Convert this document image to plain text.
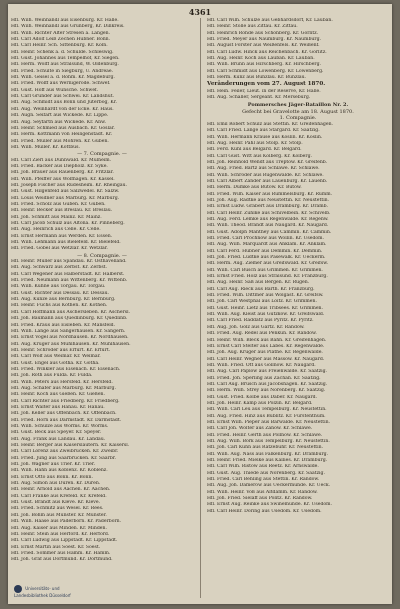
4361
Hfl. Wilh. Weinhandl aus Eisenburg. Kr. Halle.
Hfl. Wilh. Weinhandl aus Grünberg, Kr. Dillkreis.
Hfl. Wilh. Richter Alter Stresen a. Langen.
Hfl. Carl Adolf Leiß Zechen Hübner. Bonn.
Hfl. Carl Heinr. Sch. Sittenburg. Kr. Köln.
Hfl. Heinr. Schenk a. d. Schulde. Schleswig.
Hfl. Gust. Johannes aus Tempelhof, Kr. Siegen.
Hfl. Herm. Wolff aus Stralsund, W. Oldenburg.
Hfl. Fried. Schulte in Siegburg, U. Andreae.
Hfl. Wilh. Geisel a. d. Rohm. Kr. Magdeburg.
Hfl. Fried. Wolff aus Wernigerode. Schwef.
Hfl. Gust. Hoff aus Wünsche. Schwef.
Hfl. Carl Gründer aus Schwei. Kr. Landshut.
Hfl. Aug. Schmidt aus Bonn und Jüterbog, Kr.
Hfl. Aug. Weinhardt von der Ecke. Kr. Haus.
Hfl. Augn. Seifart aus Wickede. Kr. Lippe.
Hfl. Aug. Seyfarth aus Wickede. Kr. Anw.
Hfl. Heinr. Schmied aus Ausbach. Kr. Goslar.
Hfl. Herm. Kottmann von Heiligenstadt. Kr.
Hfl. Fried. Müller aus Mohren. Kr. Guben.
Hfl. Wilh. Müller. Kr. Kottbus.
— 7. Compagnie. —
Hfl. Carl Zierl aus Dünnwald. Kr. Mülheim.
Hfl. Fried. Bäcker aus Diepholz. Kr. Syke.
Hfl. Joh. Bräuer aus Rauenberg. Kr. Fritzlar.
Hfl. Wilh. Pfeiffer aus Wolfhagen. Kr. Kassel.
Hfl. Joseph Fischer aus Rüdesheim. Kr. Rheingau.
Hfl. Gust. Hilgenfeld aus Salzwedel. Kr. Salzw.
Hfl. Louis Weidner aus Marburg. Kr. Marburg.
Hfl. Fried. Scholz aus Guben. Kr. Guben.
Hfl. Heinr. Becker aus Breslau. Kr. Breslau.
Hfl. Joh. Schmitt aus Mainz. Kr. Mainz.
Hfl. Carl Jacob Schulz aus Altona. Kr. Pinneberg.
Hfl. Aug. Heinrich aus Celle. Kr. Celle.
Hfl. Ernst Hermann aus Werden. Kr. Essen.
Hfl. Wilh. Lehmann aus Bielefeld. Kr. Bielefeld.
Hfl. Fried. Göbel aus Wetzlar. Kr. Wetzlar.
— 8. Compagnie. —
Hfl. Heinr. Müller aus Spandau. Kr. Osthavelland.
Hfl. Aug. Schwarz aus Zerbst. Kr. Zerbst.
Hfl. Carl Wegener aus Halberstadt. Kr. Halberst.
Hfl. Fried. Neumann aus Wittenberg. Kr. Wittenb.
Hfl. Wilh. Kühne aus Torgau. Kr. Torgau.
Hfl. Gust. Richter aus Dessau. Kr. Dessau.
Hfl. Aug. Kunze aus Bernburg. Kr. Bernburg.
Hfl. Heinr. Fuchs aus Köthen. Kr. Köthen.
Hfl. Carl Hoffmann aus Aschersleben. Kr. Aschersl.
Hfl. Joh. Baumann aus Quedlinburg. Kr. Quedlinb.
Hfl. Fried. Kraus aus Eisleben. Kr. Mansfeld.
Hfl. Wilh. Lange aus Sangerhausen. Kr. Sangerh.
Hfl. Ernst Vogel aus Nordhausen. Kr. Nordhausen.
Hfl. Aug. Krüger aus Mühlhausen. Kr. Mühlhausen.
Hfl. Heinr. Schröder aus Erfurt. Kr. Erfurt.
Hfl. Carl Wolf aus Weimar. Kr. Weimar.
Hfl. Gust. Engel aus Gotha. Kr. Gotha.
Hfl. Fried. Winkler aus Eisenach. Kr. Eisenach.
Hfl. Joh. Roth aus Fulda. Kr. Fulda.
Hfl. Wilh. Peters aus Hersfeld. Kr. Hersfeld.
Hfl. Aug. Schäfer aus Marburg. Kr. Marburg.
Hfl. Heinr. Koch aus Gießen. Kr. Gießen.
Hfl. Carl Richter aus Friedberg. Kr. Friedberg.
Hfl. Ernst Walter aus Hanau. Kr. Hanau.
Hfl. Joh. Keller aus Offenbach. Kr. Offenbach.
Hfl. Fried. Horn aus Darmstadt. Kr. Darmstadt.
Hfl. Wilh. Schulze aus Worms. Kr. Worms.
Hfl. Gust. Beck aus Speyer. Kr. Speyer.
Hfl. Aug. Frank aus Landau. Kr. Landau.
Hfl. Heinr. Berger aus Kaiserslautern. Kr. Kaisersl.
Hfl. Carl Lorenz aus Zweibrücken. Kr. Zweibr.
Hfl. Fried. Jung aus Saarbrücken. Kr. Saarbr.
Hfl. Joh. Wagner aus Trier. Kr. Trier.
Hfl. Wilh. Hahn aus Koblenz. Kr. Koblenz.
Hfl. Ernst Otto aus Bonn. Kr. Bonn.
Hfl. Aug. Simon aus Düren. Kr. Düren.
Hfl. Heinr. Arnold aus Aachen. Kr. Aachen.
Hfl. Carl Franke aus Krefeld. Kr. Krefeld.
Hfl. Gust. Brandt aus Kleve. Kr. Kleve.
Hfl. Fried. Schmitz aus Wesel. Kr. Rees.
Hfl. Joh. Böhm aus Münster. Kr. Münster.
Hfl. Wilh. Haase aus Paderborn. Kr. Paderborn.
Hfl. Aug. Kaiser aus Minden. Kr. Minden.
Hfl. Heinr. Stein aus Herford. Kr. Herford.
Hfl. Carl Ludwig aus Lippstadt. Kr. Lippstadt.
Hfl. Ernst Martin aus Soest. Kr. Soest.
Hfl. Fried. Sommer aus Hamm. Kr. Hamm.
Hfl. Joh. Graf aus Dortmund. Kr. Dortmund.
Hfl. Carl Wilh. Schulze aus Gebhardsdorf, Kr. Lauban.
Hfl. Heinr. Stolle aus Zittau. Kr. Zittau.
Hfl. Heinrich Rohde aus Schönberg. Kr. Görlitz.
Hfl. Fried. Meyer aus Naumburg. Kr. Naumburg.
Hfl. August Förster aus Weißenfels. Kr. Weißenf.
Hfl. Carl Ludw. Hinck aus Reichenbach. Kr. Görlitz.
Hfl. Aug. Heinr. Koch aus Lauban. Kr. Lauban.
Hfl. Wilh. Brunn aus Hirschberg. Kr. Hirschberg.
Hfl. Carl Schmidt aus Löwenberg. Kr. Löwenberg.
Hfl. Herm. Kunz aus Bunzlau. Kr. Bunzlau.
Veränderungen vom 27. August 1870.
Hfl. Hein. Feiler, Lieut. in der Reserve, Kr. Halle.
Hfl. Aug. Schaller, Sergeant. Kr. Merseburg.
Pommersches Jäger-Bataillon Nr. 2.
Gefecht bei Gravelotte am 18. August 1870.
1. Compagnie.
Hfl. Emil Robert Schulz aus Stettin. Kr. Greifenhagen.
Hfl. Carl Fried. Lange aus Stargard. Kr. Saatzig.
Hfl. Wilh. Hermann Krause aus Köslin. Kr. Köslin.
Hfl. Aug. Heinr. Pahl aus Stolp. Kr. Stolp.
Hfl. Ferd. Kühl aus Belgard. Kr. Belgard.
Hfl. Carl Gust. Witt aus Kolberg. Kr. Kolberg.
Hfl. Joh. Reinhold Wendt aus Treptow. Kr. Greifenb.
Hfl. Aug. Fried. Bartz aus Schlawe. Kr. Schlawe.
Hfl. Wilh. Schröder aus Rügenwalde. Kr. Schlawe.
Hfl. Carl Albert Zander aus Lauenburg. Kr. Lauenb.
Hfl. Herm. Dumke aus Bütow. Kr. Bütow.
Hfl. Fried. Wilh. Kaiser aus Rummelsburg. Kr. Rumm.
Hfl. Joh. Aug. Radtke aus Neustettin. Kr. Neustettin.
Hfl. Ernst Ludw. Gräbert aus Dramburg. Kr. Dramb.
Hfl. Carl Heinr. Zühlke aus Schivelbein. Kr. Schivelb.
Hfl. Aug. Ferd. Lemke aus Regenwalde. Kr. Regenw.
Hfl. Wilh. Theod. Brandt aus Naugard. Kr. Naugard.
Hfl. Gust. Adolph Manthey aus Cammin. Kr. Cammin.
Hfl. Fried. Carl Prochnow aus Wollin. Kr. Usedom.
Hfl. Aug. Wilh. Marquardt aus Anklam. Kr. Anklam.
Hfl. Carl Ferd. Hübner aus Demmin. Kr. Demmin.
Hfl. Joh. Fried. Lüdtke aus Pasewalk. Kr. Ueckerm.
Hfl. Herm. Aug. Ziemer aus Greifswald. Kr. Greifsw.
Hfl. Wilh. Carl Busch aus Grimmen. Kr. Grimmen.
Hfl. Ernst Fried. Holz aus Stralsund. Kr. Franzburg.
Hfl. Aug. Heinr. Saß aus Bergen. Kr. Rügen.
Hfl. Carl Aug. Rieck aus Barth. Kr. Franzburg.
Hfl. Fried. Wilh. Dittmer aus Wolgast. Kr. Greifsw.
Hfl. Joh. Carl Westphal aus Loitz. Kr. Grimmen.
Hfl. Gust. Heinr. Lietz aus Tribsees. Kr. Grimmen.
Hfl. Wilh. Aug. Kleist aus Gützkow. Kr. Greifswald.
Hfl. Carl Fried. Raddatz aus Pyritz. Kr. Pyritz.
Hfl. Aug. Joh. Golz aus Gartz. Kr. Randow.
Hfl. Fried. Aug. Redel aus Penkun. Kr. Randow.
Hfl. Heinr. Wilh. Bleck aus Bahn. Kr. Greifenhagen.
Hfl. Ernst Carl Stelter aus Labes. Kr. Regenwalde.
Hfl. Joh. Aug. Krüger aus Plathe. Kr. Regenwalde.
Hfl. Carl Heinr. Wegner aus Massow. Kr. Naugard.
Hfl. Wilh. Fried. Ott aus Gollnow. Kr. Naugard.
Hfl. Aug. Carl Päplow aus Freienwalde. Kr. Saatzig.
Hfl. Fried. Joh. Sperling aus Zachan. Kr. Saatzig.
Hfl. Carl Aug. Brüsch aus Jacobshagen. Kr. Saatzig.
Hfl. Herm. Wilh. Strey aus Nörenberg. Kr. Saatzig.
Hfl. Gust. Fried. Kolbe aus Daber. Kr. Naugard.
Hfl. Joh. Heinr. Kamp aus Polzin. Kr. Belgard.
Hfl. Wilh. Carl Leu aus Tempelburg. Kr. Neustettin.
Hfl. Aug. Fried. Hinz aus Bublitz. Kr. Fürstenthum.
Hfl. Ernst Wilh. Pieper aus Bärwalde. Kr. Neustettin.
Hfl. Carl Joh. Wolter aus Zanow. Kr. Schlawe.
Hfl. Fried. Heinr. Gerth aus Pollnow. Kr. Schlawe.
Hfl. Aug. Wilh. Bork aus Tempelburg. Kr. Neustettin.
Hfl. Joh. Carl Kühn aus Ratzebuhr. Kr. Neustettin.
Hfl. Wilh. Aug. Nass aus Falkenburg. Kr. Dramburg.
Hfl. Heinr. Fried. Mielke aus Kallies. Kr. Dramburg.
Hfl. Carl Wilh. Ristow aus Reetz. Kr. Arnswalde.
Hfl. Gust. Aug. Thiede aus Nörenberg. Kr. Saatzig.
Hfl. Fried. Carl Behling aus Stettin. Kr. Randow.
Hfl. Aug. Joh. Damerow aus Ueckermünde. Kr. Ueck.
Hfl. Wilh. Heinr. Voß aus Altdamm. Kr. Randow.
Hfl. Joh. Fried. Sielaff aus Pölitz. Kr. Randow.
Hfl. Ernst Aug. Reinke aus Swinemünde. Kr. Usedom.
Hfl. Carl Heinr. Döring aus Usedom. Kr. Usedom.
Universitäts- und
Landesbibliothek Düsseldorf
